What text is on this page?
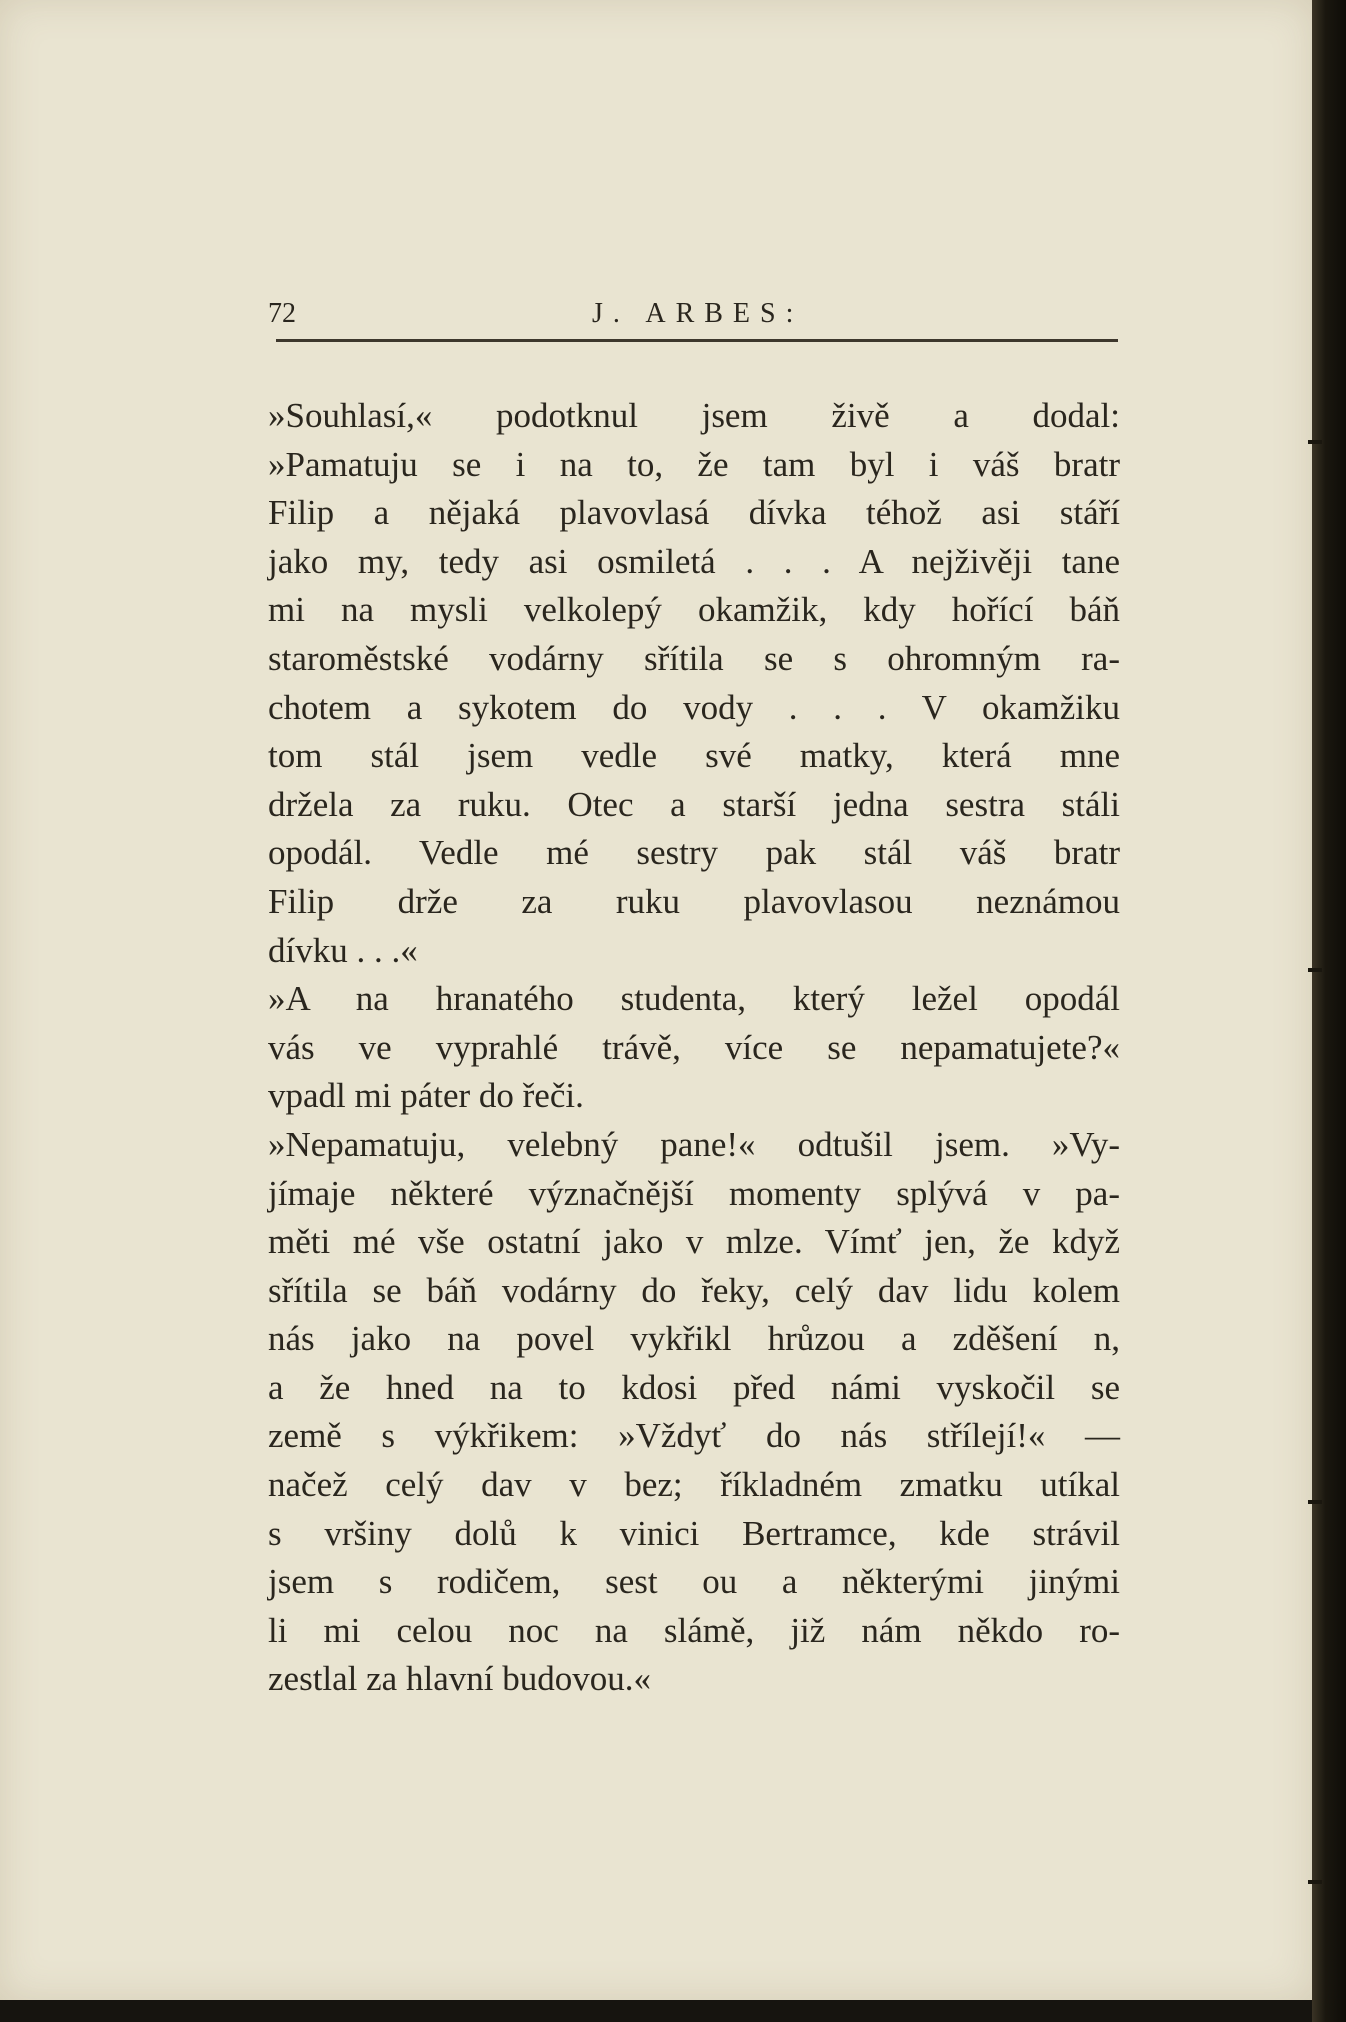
72	J. ARBES:
»Souhlasí,« podotknul jsem živě a dodal:
»Pamatuju se i na to, že tam byl i váš bratr
Filip a nějaká plavovlasá dívka téhož asi stáří
jako my, tedy asi osmiletá . . . A nejživěji tane
mi na mysli velkolepý okamžik, kdy hořící báň
staroměstské vodárny sřítila se s ohromným ra-
chotem a sykotem do vody . . . V okamžiku
tom stál jsem vedle své matky, která mne
držela za ruku. Otec a starší jedna sestra stáli
opodál. Vedle mé sestry pak stál váš bratr
Filip drže za ruku plavovlasou neznámou
dívku . . .«
»A na hranatého studenta, který ležel opodál
vás ve vyprahlé trávě, více se nepamatujete?«
vpadl mi páter do řeči.
»Nepamatuju, velebný pane!« odtušil jsem. »Vy-
jímaje některé význačnější momenty splývá v pa-
měti mé vše ostatní jako v mlze. Vímť jen, že když
sřítila se báň vodárny do řeky, celý dav lidu kolem
nás jako na povel vykřikl hrůzou a zděšení n,
a že hned na to kdosi před námi vyskočil se
země s výkřikem: »Vždyť do nás střílejí!« —
načež celý dav v bez; říkladném zmatku utíkal
s vršiny dolů k vinici Bertramce, kde strávil
jsem s rodičem, sest ou a některými jinými
li mi celou noc na slámě, již nám někdo ro-
zestlal za hlavní budovou.«
